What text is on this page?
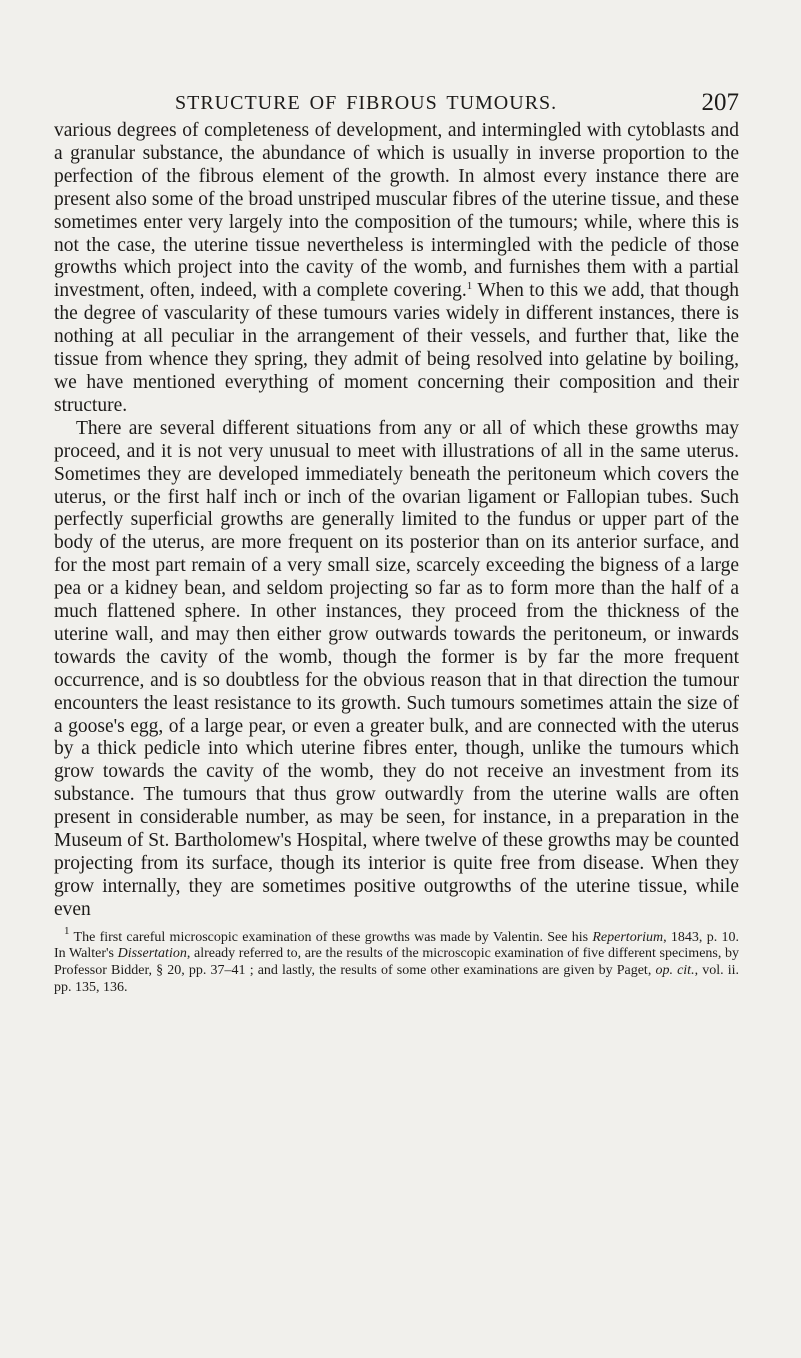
STRUCTURE OF FIBROUS TUMOURS.	207

various degrees of completeness of development, and intermingled with cytoblasts and a granular substance, the abundance of which is usually in inverse proportion to the perfection of the fibrous element of the growth. In almost every instance there are present also some of the broad unstriped muscular fibres of the uterine tissue, and these sometimes enter very largely into the composition of the tumours; while, where this is not the case, the uterine tissue nevertheless is intermingled with the pedicle of those growths which project into the cavity of the womb, and furnishes them with a partial investment, often, indeed, with a complete covering.$^1$ When to this we add, that though the degree of vascularity of these tumours varies widely in different instances, there is nothing at all peculiar in the arrangement of their vessels, and further that, like the tissue from whence they spring, they admit of being resolved into gelatine by boiling, we have mentioned everything of moment concerning their composition and their structure.

There are several different situations from any or all of which these growths may proceed, and it is not very unusual to meet with illustrations of all in the same uterus. Sometimes they are developed immediately beneath the peritoneum which covers the uterus, or the first half inch or inch of the ovarian ligament or Fallopian tubes. Such perfectly superficial growths are generally limited to the fundus or upper part of the body of the uterus, are more frequent on its posterior than on its anterior surface, and for the most part remain of a very small size, scarcely exceeding the bigness of a large pea or a kidney bean, and seldom projecting so far as to form more than the half of a much flattened sphere. In other instances, they proceed from the thickness of the uterine wall, and may then either grow outwards towards the peritoneum, or inwards towards the cavity of the womb, though the former is by far the more frequent occurrence, and is so doubtless for the obvious reason that in that direction the tumour encounters the least resistance to its growth. Such tumours sometimes attain the size of a goose's egg, of a large pear, or even a greater bulk, and are connected with the uterus by a thick pedicle into which uterine fibres enter, though, unlike the tumours which grow towards the cavity of the womb, they do not receive an investment from its substance. The tumours that thus grow outwardly from the uterine walls are often present in considerable number, as may be seen, for instance, in a preparation in the Museum of St. Bartholomew's Hospital, where twelve of these growths may be counted projecting from its surface, though its interior is quite free from disease. When they grow internally, they are sometimes positive outgrowths of the uterine tissue, while even

$^1$ The first careful microscopic examination of these growths was made by Valentin. See his Repertorium, 1843, p. 10. In Walter's Dissertation, already referred to, are the results of the microscopic examination of five different specimens, by Professor Bidder, § 20, pp. 37–41 ; and lastly, the results of some other examinations are given by Paget, op. cit., vol. ii. pp. 135, 136.
